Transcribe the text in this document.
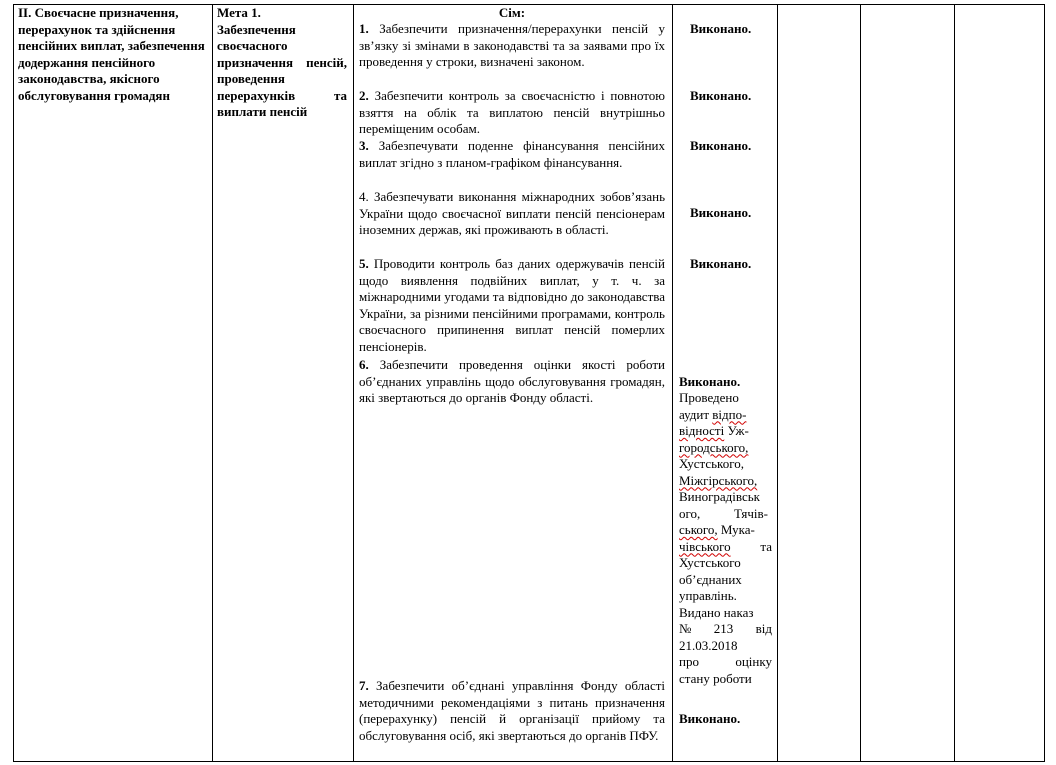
II. Своєчасне призначення, перерахунок та здійснення пенсійних виплат, забезпечення додержання пенсійного законодавства, якісного обслуговування громадян
Мета 1.
Забезпечення своєчасного призначення пенсій, проведення перерахунків та виплати пенсій
Сім:
1. Забезпечити призначення/перерахунки пенсій у зв’язку зі змінами в законодавстві та за заявами про їх проведення у строки, визначені законом.
2. Забезпечити контроль за своєчасністю і повнотою взяття на облік та виплатою пенсій внутрішньо переміщеним особам.
3. Забезпечувати поденне фінансування пенсійних виплат згідно з планом-графіком фінансування.
4. Забезпечувати виконання міжнародних зобов’язань України щодо своєчасної виплати пенсій пенсіонерам іноземних держав, які проживають в області.
5. Проводити контроль баз даних одержувачів пенсій щодо виявлення подвійних виплат, у т. ч. за міжнародними угодами та відповідно до законодавства України, за різними пенсійними програмами, контроль своєчасного припинення виплат пенсій померлих пенсіонерів.
6. Забезпечити проведення оцінки якості роботи об’єднаних управлінь щодо обслуговування громадян, які звертаються до органів Фонду області.
7. Забезпечити об’єднані управління Фонду області методичними рекомендаціями з питань призначення (перерахунку) пенсій й організації прийому та обслуговування осіб, які звертаються до органів ПФУ.
Виконано.
Виконано.
Виконано.
Виконано.
Виконано.
Виконано.
Виконано.
Проведено
аудит відпо-
відності Уж-
городського,
Хустського,
Міжгірського,
Виноградівськ
ого,	Тячів-
ського, Мука-
чівського та
Хустського
об’єднаних
управлінь.
Видано наказ
№ 213 від
21.03.2018
про	оцінку
стану роботи
